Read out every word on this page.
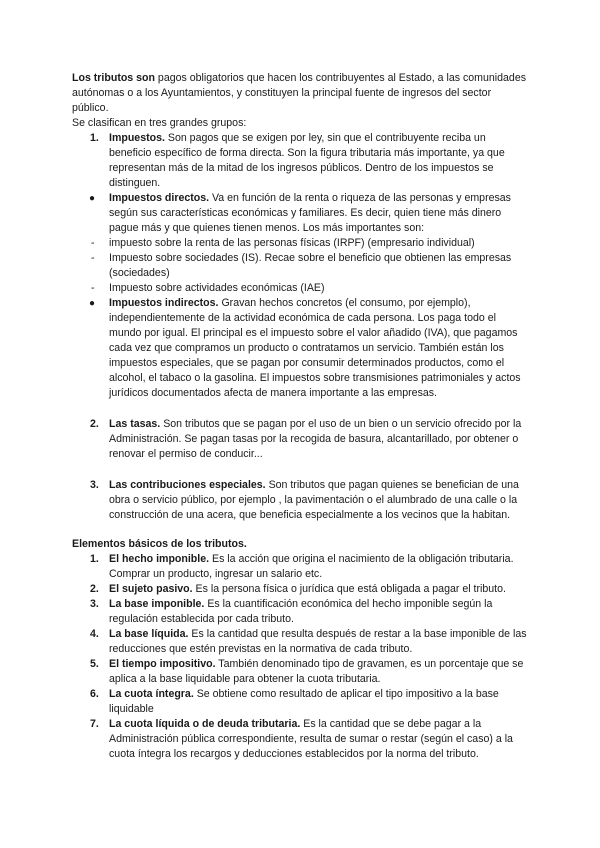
Los tributos son pagos obligatorios que hacen los contribuyentes al Estado, a las comunidades autónomas o a los Ayuntamientos, y constituyen la principal fuente de ingresos del sector público.

Se clasifican en tres grandes grupos:

1. Impuestos. Son pagos que se exigen por ley, sin que el contribuyente reciba un beneficio específico de forma directa. Son la figura tributaria más importante, ya que representan más de la mitad de los ingresos públicos. Dentro de los impuestos se distinguen.
● Impuestos directos. Va en función de la renta o riqueza de las personas y empresas según sus características económicas y familiares. Es decir, quien tiene más dinero pague más y que quienes tienen menos. Los más importantes son:
- impuesto sobre la renta de las personas físicas (IRPF) (empresario individual)
- Impuesto sobre sociedades (IS). Recae sobre el beneficio que obtienen las empresas (sociedades)
- Impuesto sobre actividades económicas (IAE)
● Impuestos indirectos. Gravan hechos concretos (el consumo, por ejemplo), independientemente de la actividad económica de cada persona. Los paga todo el mundo por igual. El principal es el impuesto sobre el valor añadido (IVA), que pagamos cada vez que compramos un producto o contratamos un servicio. También están los impuestos especiales, que se pagan por consumir determinados productos, como el alcohol, el tabaco o la gasolina. El impuestos sobre transmisiones patrimoniales y actos jurídicos documentados afecta de manera importante a las empresas.
2. Las tasas. Son tributos que se pagan por el uso de un bien o un servicio ofrecido por la Administración. Se pagan tasas por la recogida de basura, alcantarillado, por obtener o renovar el permiso de conducir...
3. Las contribuciones especiales. Son tributos que pagan quienes se benefician de una obra o servicio público, por ejemplo , la pavimentación o el alumbrado de una calle o la construcción de una acera, que beneficia especialmente a los vecinos que la habitan.

Elementos básicos de los tributos.

1. El hecho imponible. Es la acción que origina el nacimiento de la obligación tributaria. Comprar un producto, ingresar un salario etc.
2. El sujeto pasivo. Es la persona física o jurídica que está obligada a pagar el tributo.
3. La base imponible. Es la cuantificación económica del hecho imponible según la regulación establecida por cada tributo.
4. La base líquida. Es la cantidad que resulta después de restar a la base imponible de las reducciones que estén previstas en la normativa de cada tributo.
5. El tiempo impositivo. También denominado tipo de gravamen, es un porcentaje que se aplica a la base liquidable para obtener la cuota tributaria.
6. La cuota íntegra. Se obtiene como resultado de aplicar el tipo impositivo a la base liquidable
7. La cuota líquida o de deuda tributaria. Es la cantidad que se debe pagar a la Administración pública correspondiente, resulta de sumar o restar (según el caso) a la cuota íntegra los recargos y deducciones establecidos por la norma del tributo.
